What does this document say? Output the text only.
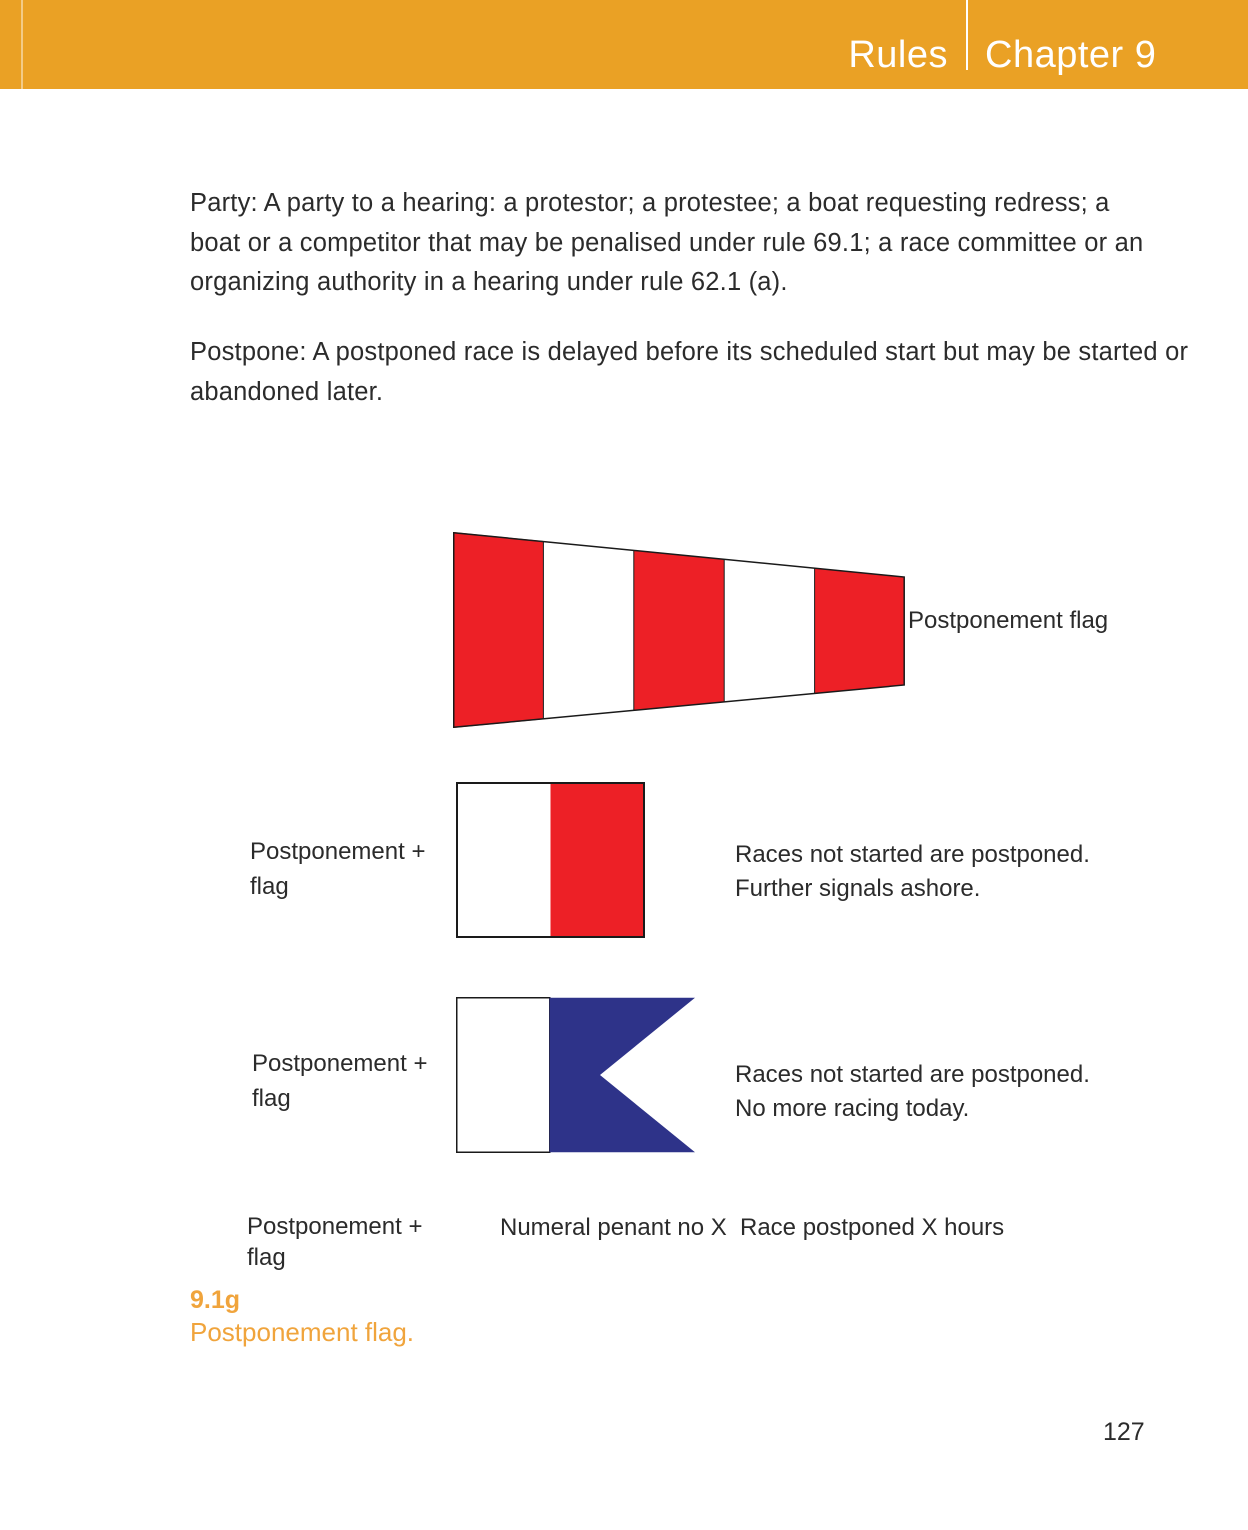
Rules Chapter 9
Party: A party to a hearing: a protestor; a protestee; a boat requesting redress; a
boat or a competitor that may be penalised under rule 69.1; a race committee or an
organizing authority in a hearing under rule 62.1 (a).
Postpone: A postponed race is delayed before its scheduled start but may be started or
abandoned later.
Postponement flag
Postponement +
flag
Races not started are postponed.
Further signals ashore.
Postponement +
flag
Races not started are postponed.
No more racing today.
Postponement +
flag
Numeral penant no X Race postponed X hours
9.1g
Postponement flag.
127
